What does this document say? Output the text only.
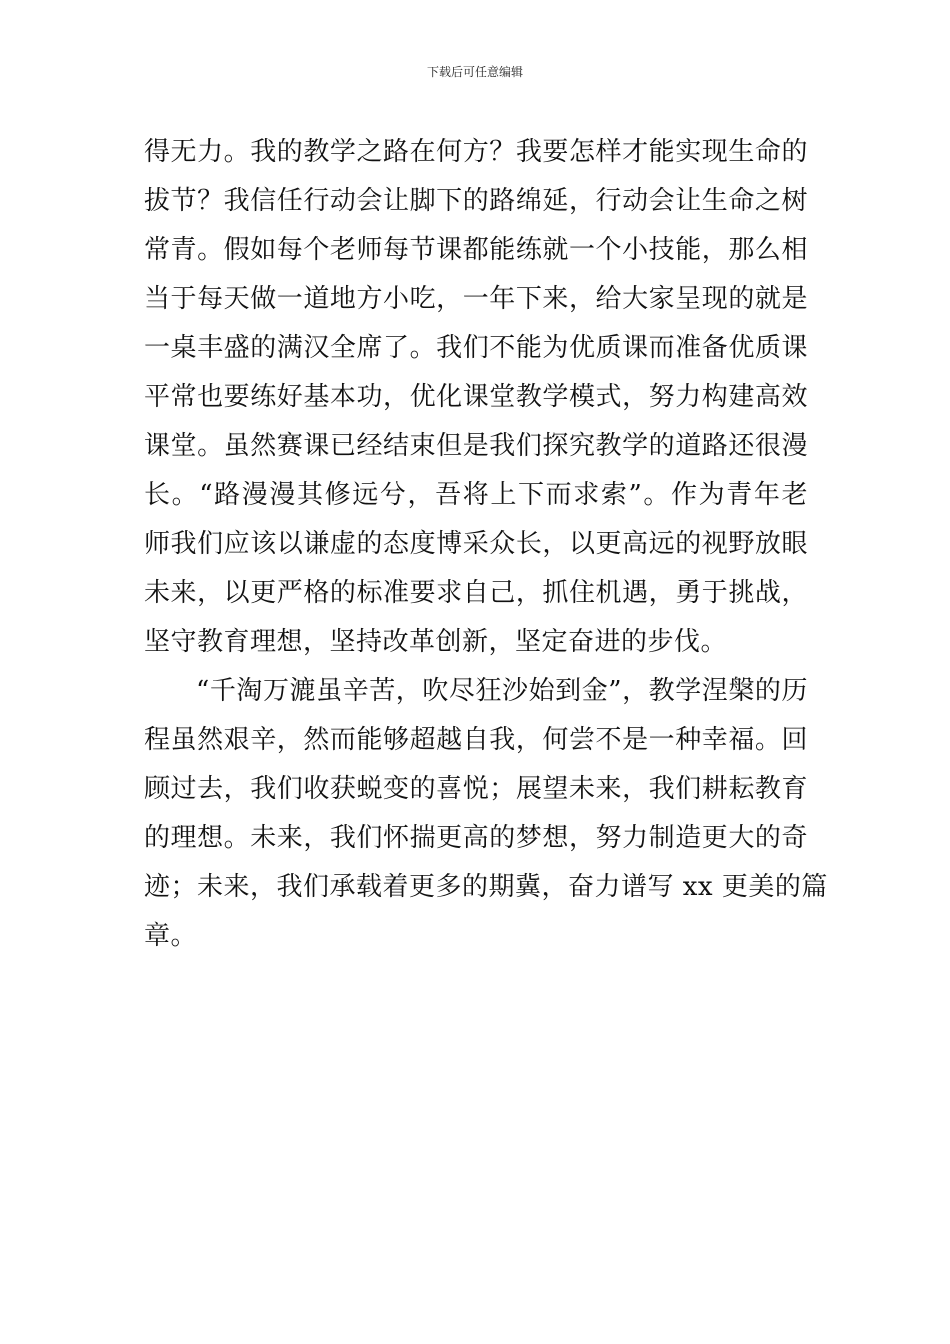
下载后可任意编辑
得无力。我的教学之路在何方？我要怎样才能实现生命的
拔节？我信任行动会让脚下的路绵延，行动会让生命之树
常青。假如每个老师每节课都能练就一个小技能，那么相
当于每天做一道地方小吃，一年下来，给大家呈现的就是
一桌丰盛的满汉全席了。我们不能为优质课而准备优质课
平常也要练好基本功，优化课堂教学模式，努力构建高效
课堂。虽然赛课已经结束但是我们探究教学的道路还很漫
长。“路漫漫其修远兮，吾将上下而求索”。作为青年老
师我们应该以谦虚的态度博采众长，以更高远的视野放眼
未来，以更严格的标准要求自己，抓住机遇，勇于挑战，
坚守教育理想，坚持改革创新，坚定奋进的步伐。
“千淘万漉虽辛苦，吹尽狂沙始到金”，教学涅槃的历
程虽然艰辛，然而能够超越自我，何尝不是一种幸福。回
顾过去，我们收获蜕变的喜悦；展望未来，我们耕耘教育
的理想。未来，我们怀揣更高的梦想，努力制造更大的奇
迹；未来，我们承载着更多的期冀，奋力谱写 xx 更美的篇
章。
